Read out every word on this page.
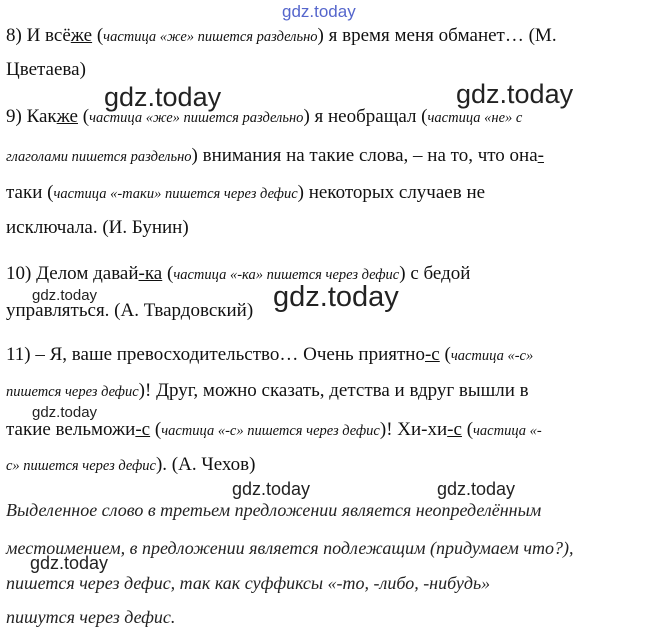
gdz.today
gdz.today	gdz.today
gdz.today	gdz.today
gdz.today
gdz.today	gdz.today
gdz.today
8) И всёже (частица «же» пишется раздельно) я время меня обманет… (М.
Цветаева)
9) Какже (частица «же» пишется раздельно) я необращал (частица «не» с
глаголами пишется раздельно) внимания на такие слова, – на то, что она-
таки (частица «-таки» пишется через дефис) некоторых случаев не
исключала. (И. Бунин)
10) Делом давай-ка (частица «-ка» пишется через дефис) с бедой
управляться. (А. Твардовский)
11) – Я, ваше превосходительство… Очень приятно-с (частица «-с»
пишется через дефис)! Друг, можно сказать, детства и вдруг вышли в
такие вельможи-с (частица «-с» пишется через дефис)! Хи-хи-с (частица «-
с» пишется через дефис). (А. Чехов)
Выделенное слово в третьем предложении является неопределённым
местоимением, в предложении является подлежащим (придумаем что?),
пишется через дефис, так как суффиксы «-то, -либо, -нибудь»
пишутся через дефис.
